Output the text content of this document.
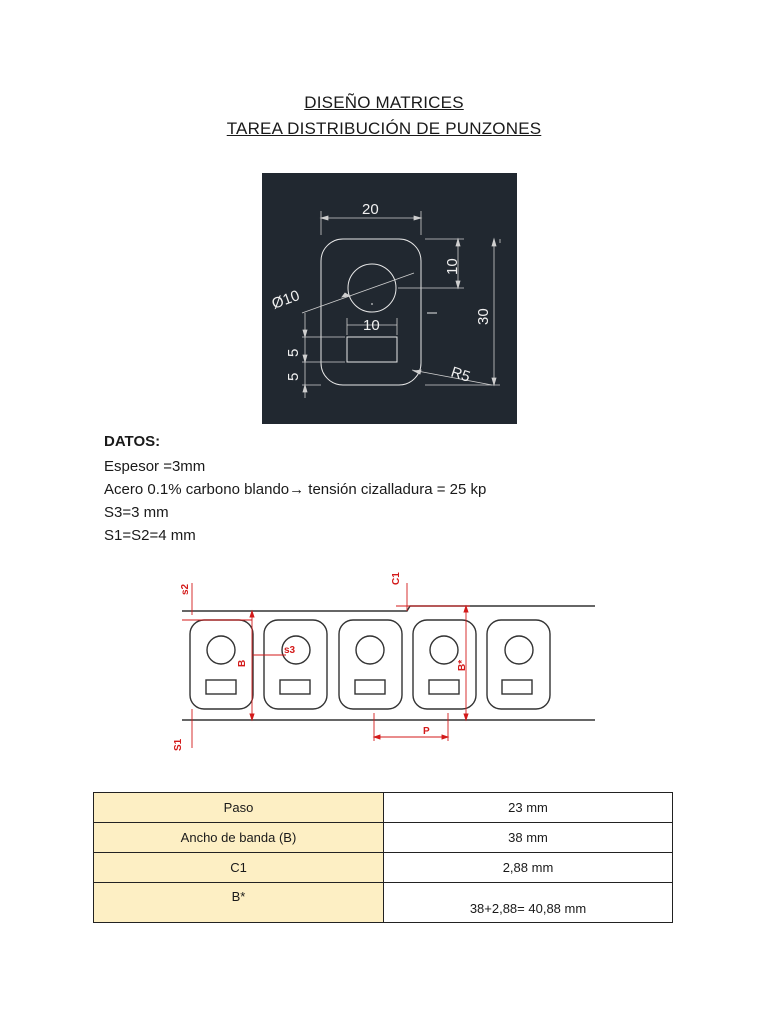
DISEÑO MATRICES
TAREA DISTRIBUCIÓN DE PUNZONES
20
10
30
Ø10
10
5
5	R5
DATOS:
Espesor =3mm
Acero 0.1% carbono blando→ tensión cizalladura = 25 kp
S3=3 mm
S1=S2=4 mm
s2
C1
s3
B	B*
P
S1
Paso	23 mm
Ancho de banda (B)	38 mm
C1	2,88 mm
B*	38+2,88= 40,88 mm
